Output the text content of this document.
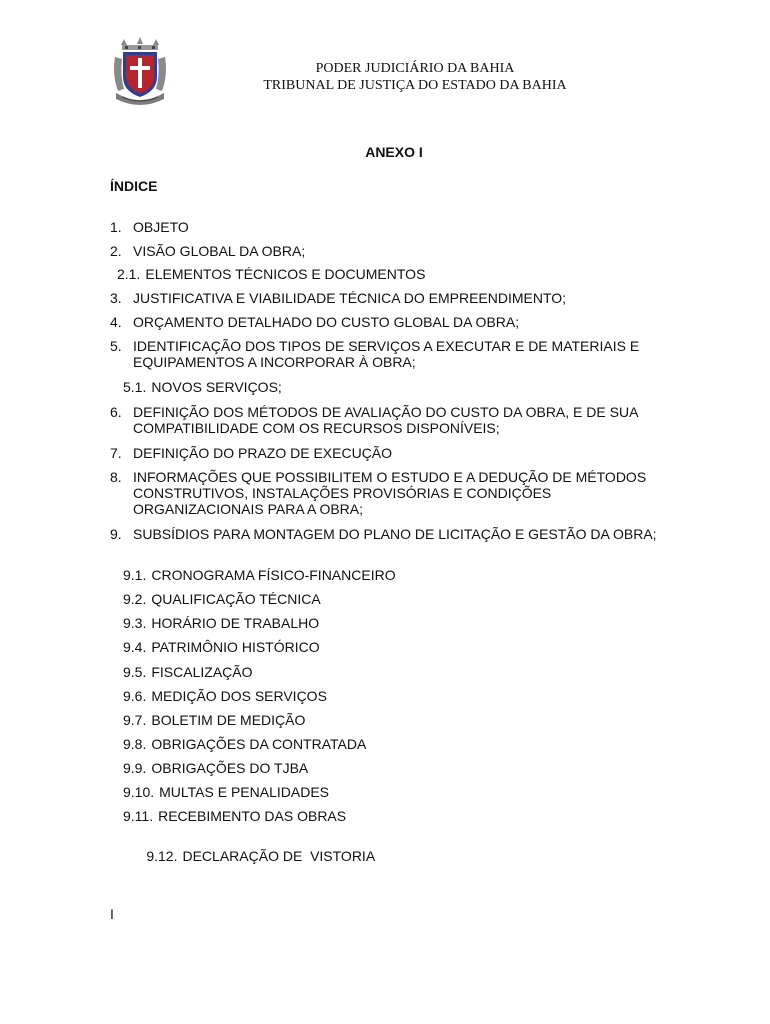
PODER JUDICIÁRIO DA BAHIA
TRIBUNAL DE JUSTIÇA DO ESTADO DA BAHIA
ANEXO I
ÍNDICE
1. OBJETO
2. VISÃO GLOBAL DA OBRA;
2.1. ELEMENTOS TÉCNICOS E DOCUMENTOS
3. JUSTIFICATIVA E VIABILIDADE TÉCNICA DO EMPREENDIMENTO;
4. ORÇAMENTO DETALHADO DO CUSTO GLOBAL DA OBRA;
5. IDENTIFICAÇÃO DOS TIPOS DE SERVIÇOS A EXECUTAR E DE MATERIAIS E EQUIPAMENTOS A INCORPORAR À OBRA;
5.1. NOVOS SERVIÇOS;
6. DEFINIÇÃO DOS MÉTODOS DE AVALIAÇÃO DO CUSTO DA OBRA, E DE SUA COMPATIBILIDADE COM OS RECURSOS DISPONÍVEIS;
7. DEFINIÇÃO DO PRAZO DE EXECUÇÃO
8. INFORMAÇÕES QUE POSSIBILITEM O ESTUDO E A DEDUÇÃO DE MÉTODOS CONSTRUTIVOS, INSTALAÇÕES PROVISÓRIAS E CONDIÇÕES ORGANIZACIONAIS PARA A OBRA;
9. SUBSÍDIOS PARA MONTAGEM DO PLANO DE LICITAÇÃO E GESTÃO DA OBRA;
9.1. CRONOGRAMA FÍSICO-FINANCEIRO
9.2. QUALIFICAÇÃO TÉCNICA
9.3. HORÁRIO DE TRABALHO
9.4. PATRIMÔNIO HISTÓRICO
9.5. FISCALIZAÇÃO
9.6. MEDIÇÃO DOS SERVIÇOS
9.7. BOLETIM DE MEDIÇÃO
9.8. OBRIGAÇÕES DA CONTRATADA
9.9. OBRIGAÇÕES DO TJBA
9.10. MULTAS E PENALIDADES
9.11. RECEBIMENTO DAS OBRAS

9.12. DECLARAÇÃO DE  VISTORIA

I
